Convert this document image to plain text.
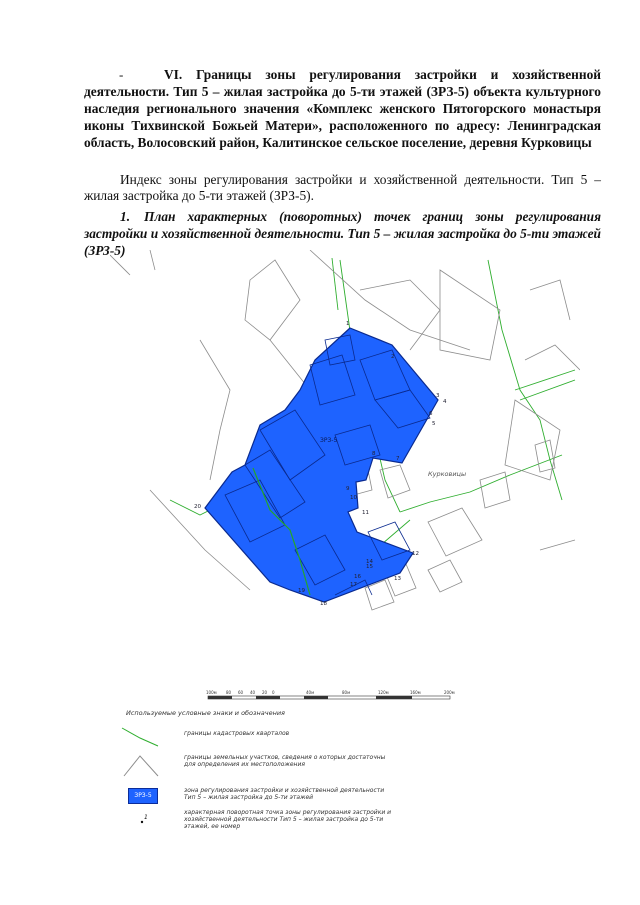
-	VI. Границы зоны регулирования застройки и хозяйственной деятельности. Тип 5 – жилая застройка до 5-ти этажей (ЗРЗ-5) объекта культурного наследия регионального значения «Комплекс женского Пятогорского монастыря иконы Тихвинской Божьей Матери», расположенного по адресу: Ленинградская область, Волосовский район, Калитинское сельское поселение, деревня Курковицы
Индекс зоны регулирования застройки и хозяйственной деятельности. Тип 5 – жилая застройка до 5-ти этажей (ЗРЗ-5).
1. План характерных (поворотных) точек границ зоны регулирования застройки и хозяйственной деятельности. Тип 5 – жилая застройка до 5-ти этажей (ЗРЗ-5)
ЗРЗ-5
Курковицы
1
2
3
4
5
6
7
8
9
10
11
12
13
14
15
16
17
18
19
20
100м 80 60 40 20 0	40м	80м	120м	160м	200м
Используемые условные знаки и обозначения
границы кадастровых кварталов
границы земельных участков, сведения о которых достаточны для определения их местоположения
ЗРЗ-5
зона регулирования застройки и хозяйственной деятельности Тип 5 – жилая застройка до 5-ти этажей
1
характерная поворотная точка зоны регулирования застройки и хозяйственной деятельности Тип 5 – жилая застройка до 5-ти этажей, ее номер
